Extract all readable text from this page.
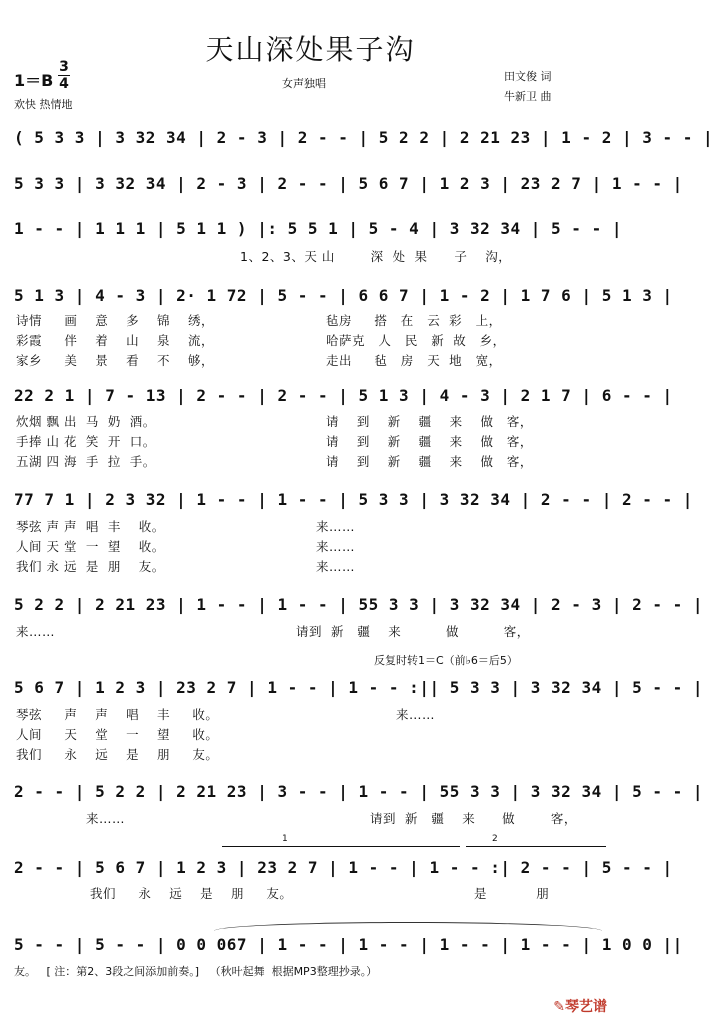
天山深处果子沟
1＝B
3
4
欢快 热情地
女声独唱
田文俊 词
牛新卫 曲
( 5 3 3 | 3 32 34 | 2 - 3 | 2 - - | 5 2 2 | 2 21 23 | 1 - 2 | 3 - - |
5 3 3 | 3 32 34 | 2 - 3 | 2 - - | 5 6 7 | 1 2 3 | 23 2 7 | 1 - - |
1 - - | 1 1 1 | 5 1 1 ) |: 5 5 1 | 5 - 4 | 3 32 34 | 5 - - |
1、2、3、天 山        深  处  果      子    沟，
5 1 3 | 4 - 3 | 2· 1 72 | 5 - - | 6 6 7 | 1 - 2 | 1 7 6 | 5 1 3 |
诗情     画    意    多    锦    绣，	毡房     搭   在   云  彩   上，
彩霞     伴    着    山    泉    流，	哈萨克   人   民   新  故   乡，
家乡     美    景    看    不    够，	走出     毡   房   天  地   宽，
22 2 1 | 7 - 13 | 2 - - | 2 - - | 5 1 3 | 4 - 3 | 2 1 7 | 6 - - |
炊烟 飘 出  马  奶  酒。	请    到    新    疆    来    做   客，
手捧 山 花  笑  开  口。	请    到    新    疆    来    做   客，
五湖 四 海  手  拉  手。	请    到    新    疆    来    做   客，
77 7 1 | 2 3 32 | 1 - - | 1 - - | 5 3 3 | 3 32 34 | 2 - - | 2 - - |
琴弦 声 声  唱  丰    收。	来……
人间 天 堂  一  望    收。	来……
我们 永 远  是  朋    友。	来……
5 2 2 | 2 21 23 | 1 - - | 1 - - | 55 3 3 | 3 32 34 | 2 - 3 | 2 - - |
来……	请到  新   疆    来          做          客，
反复时转1＝C（前♭6＝后5）
5 6 7 | 1 2 3 | 23 2 7 | 1 - - | 1 - - :|| 5 3 3 | 3 32 34 | 5 - - |
琴弦     声    声    唱    丰     收。	来……
人间     天    堂    一    望     收。
我们     永    远    是    朋     友。
2 - - | 5 2 2 | 2 21 23 | 3 - - | 1 - - | 55 3 3 | 3 32 34 | 5 - - |
来……	请到  新   疆    来      做        客，
1	2
2 - - | 5 6 7 | 1 2 3 | 23 2 7 | 1 - - | 1 - - :| 2 - - | 5 - - |
我们     永    远    是    朋     友。	是           朋
5 - - | 5 - - | 0 0 067 | 1 - - | 1 - - | 1 - - | 1 - - | 1 0 0 ||
友。 [ 注：第2、3段之间添加前奏。] （秋叶起舞  根据MP3整理抄录。）
✎琴艺谱
